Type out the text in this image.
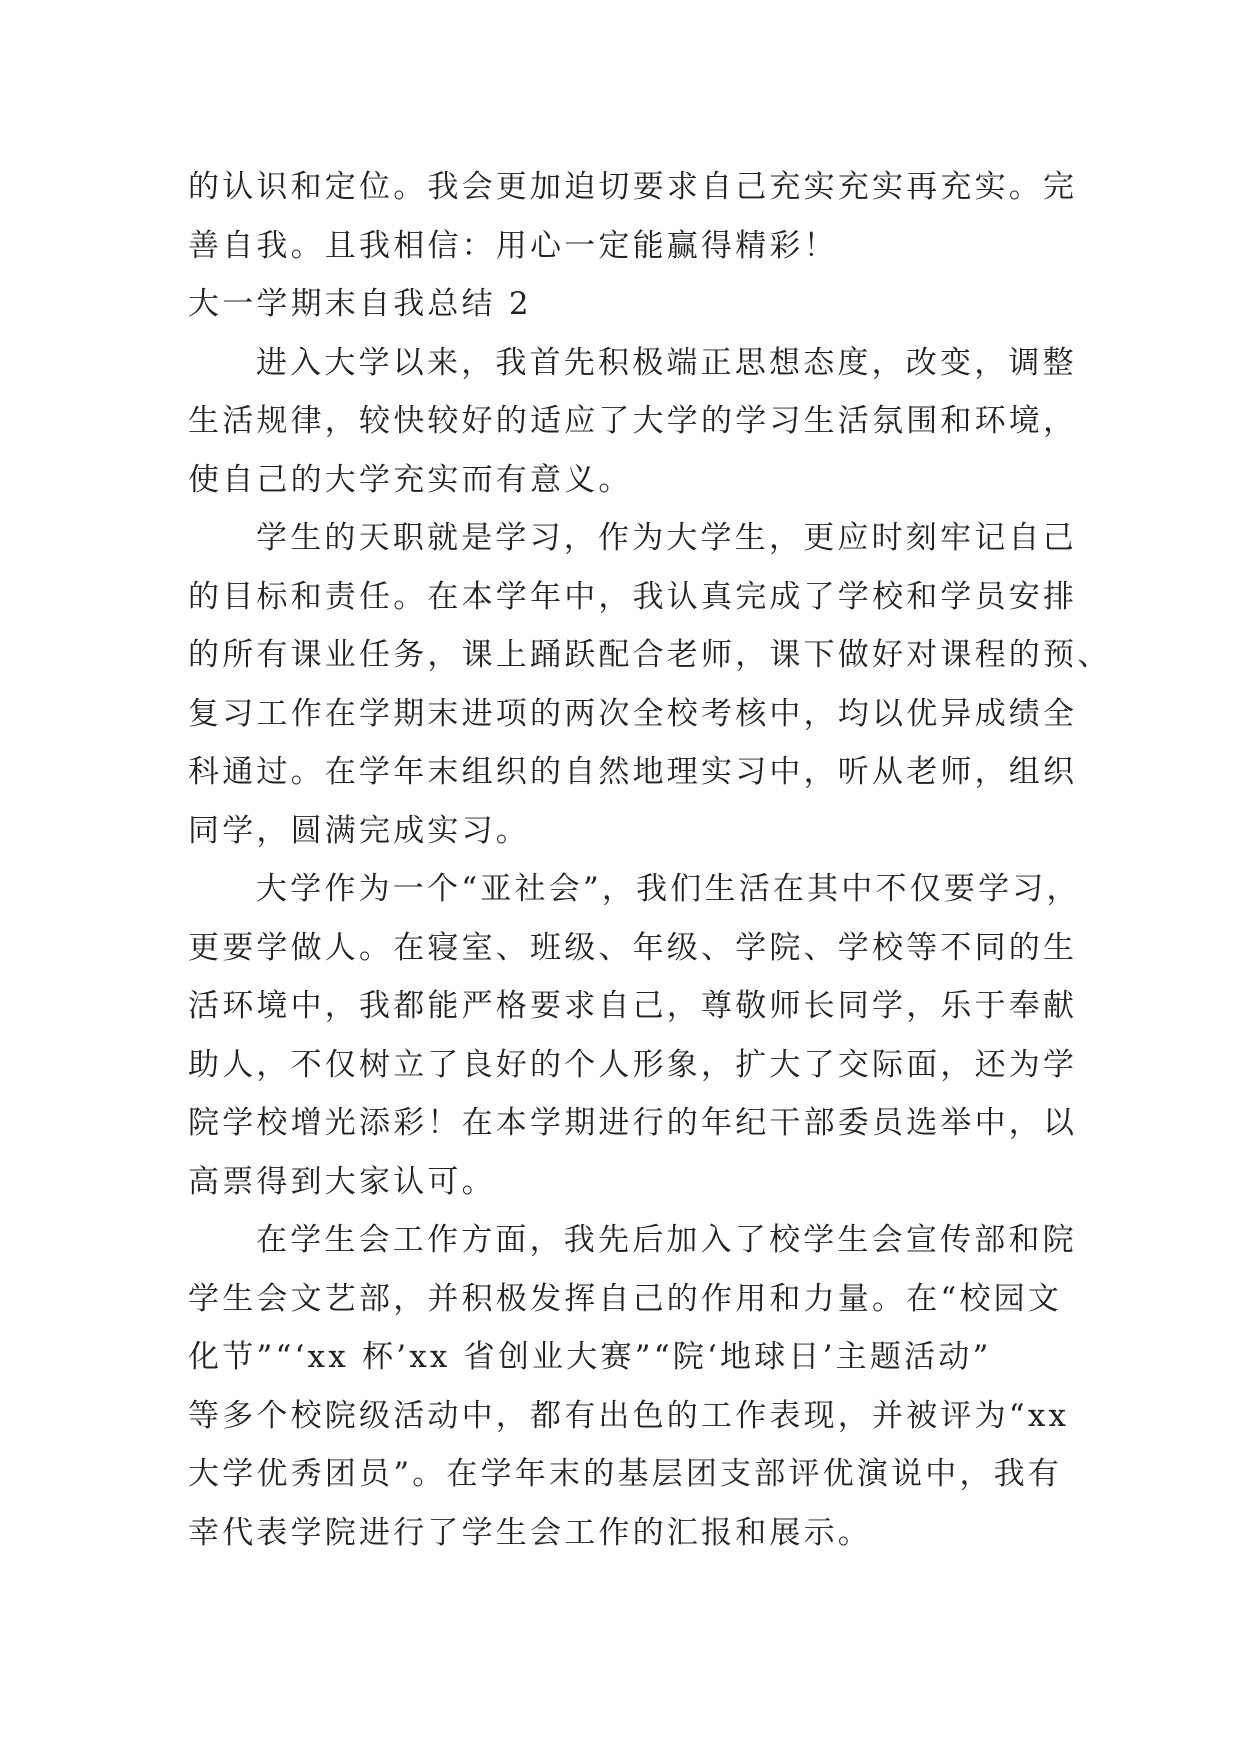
的认识和定位。我会更加迫切要求自己充实充实再充实。完
善自我。且我相信：用心一定能赢得精彩！
大一学期末自我总结 2
进入大学以来，我首先积极端正思想态度，改变，调整
生活规律，较快较好的适应了大学的学习生活氛围和环境，
使自己的大学充实而有意义。
学生的天职就是学习，作为大学生，更应时刻牢记自己
的目标和责任。在本学年中，我认真完成了学校和学员安排
的所有课业任务，课上踊跃配合老师，课下做好对课程的预、
复习工作在学期末进项的两次全校考核中，均以优异成绩全
科通过。在学年末组织的自然地理实习中，听从老师，组织
同学，圆满完成实习。
大学作为一个“亚社会”，我们生活在其中不仅要学习，
更要学做人。在寝室、班级、年级、学院、学校等不同的生
活环境中，我都能严格要求自己，尊敬师长同学，乐于奉献
助人，不仅树立了良好的个人形象，扩大了交际面，还为学
院学校增光添彩！在本学期进行的年纪干部委员选举中，以
高票得到大家认可。
在学生会工作方面，我先后加入了校学生会宣传部和院
学生会文艺部，并积极发挥自己的作用和力量。在“校园文
化节”“‘xx 杯’xx 省创业大赛”“院‘地球日’主题活动”
等多个校院级活动中，都有出色的工作表现，并被评为“xx
大学优秀团员”。在学年末的基层团支部评优演说中，我有
幸代表学院进行了学生会工作的汇报和展示。
